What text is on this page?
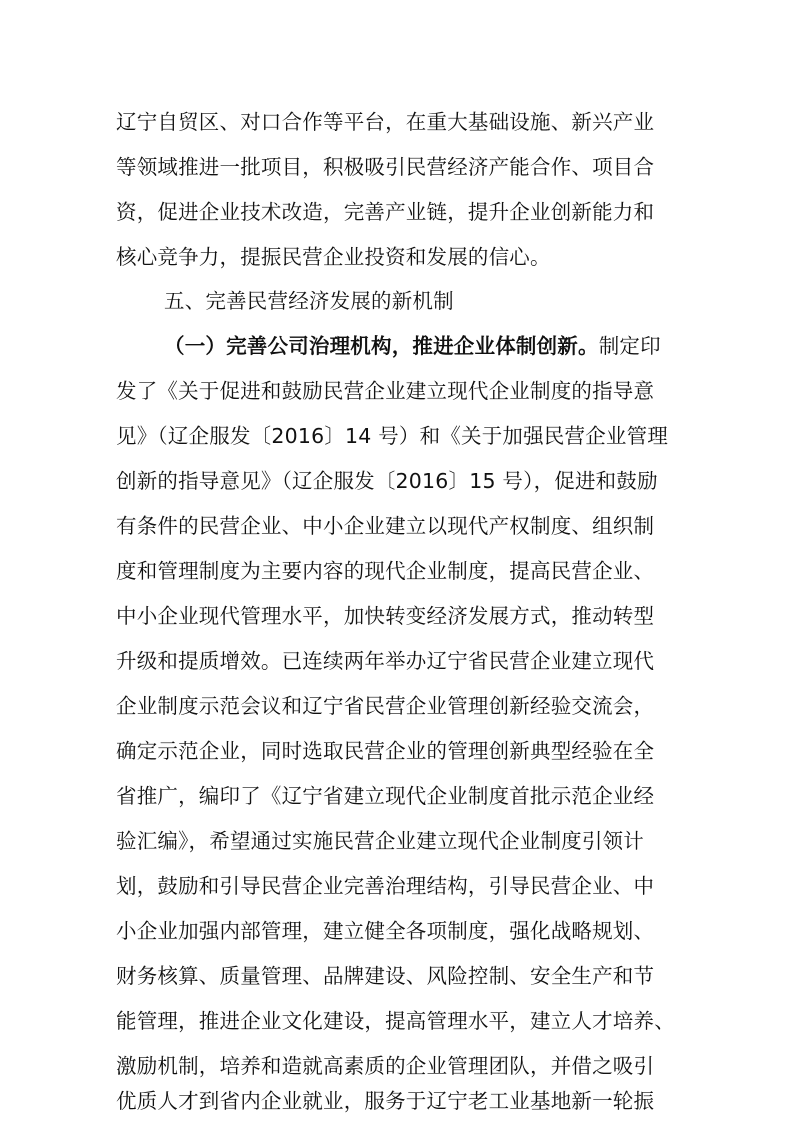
辽宁自贸区、对口合作等平台，在重大基础设施、新兴产业
等领域推进一批项目，积极吸引民营经济产能合作、项目合
资，促进企业技术改造，完善产业链，提升企业创新能力和
核心竞争力，提振民营企业投资和发展的信心。
五、完善民营经济发展的新机制
（一）完善公司治理机构，推进企业体制创新。制定印
发了《关于促进和鼓励民营企业建立现代企业制度的指导意
见》（辽企服发〔2016〕14 号）和《关于加强民营企业管理
创新的指导意见》（辽企服发〔2016〕15 号），促进和鼓励
有条件的民营企业、中小企业建立以现代产权制度、组织制
度和管理制度为主要内容的现代企业制度，提高民营企业、
中小企业现代管理水平，加快转变经济发展方式，推动转型
升级和提质增效。已连续两年举办辽宁省民营企业建立现代
企业制度示范会议和辽宁省民营企业管理创新经验交流会，
确定示范企业，同时选取民营企业的管理创新典型经验在全
省推广，编印了《辽宁省建立现代企业制度首批示范企业经
验汇编》，希望通过实施民营企业建立现代企业制度引领计
划，鼓励和引导民营企业完善治理结构，引导民营企业、中
小企业加强内部管理，建立健全各项制度，强化战略规划、
财务核算、质量管理、品牌建设、风险控制、安全生产和节
能管理，推进企业文化建设，提高管理水平，建立人才培养、
激励机制，培养和造就高素质的企业管理团队，并借之吸引
优质人才到省内企业就业，服务于辽宁老工业基地新一轮振
